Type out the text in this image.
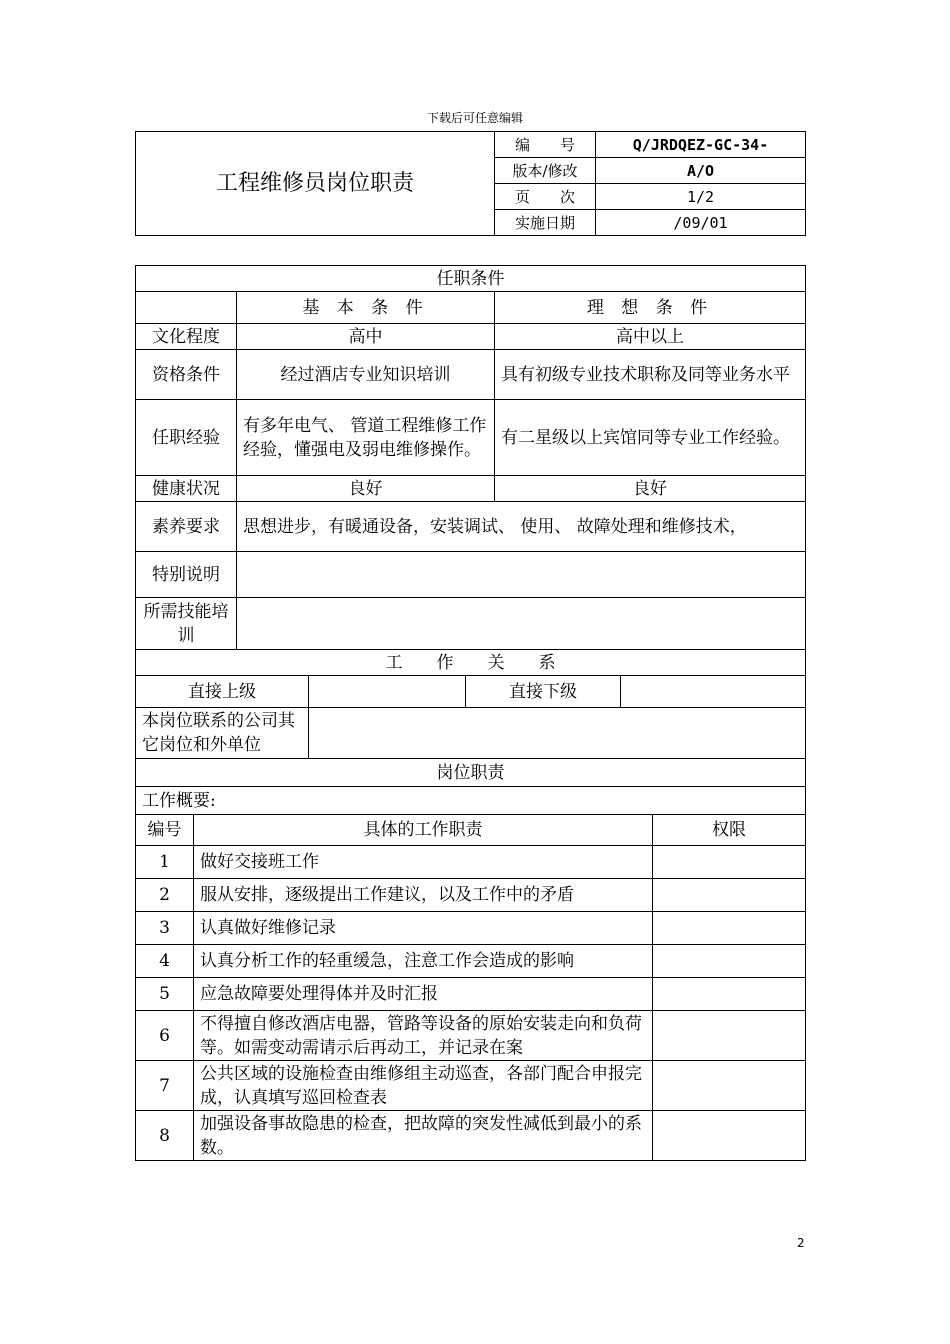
下载后可任意编辑
工程维修员岗位职责	编　　号	Q/JRDQEZ-GC-34-
	版本/修改	A/O
	页　　次	1/2
	实施日期	/09/01
任职条件		
	基 本 条 件	理 想 条 件
文化程度	高中	高中以上
资格条件	经过酒店专业知识培训	具有初级专业技术职称及同等业务水平
任职经验	有多年电气、 管道工程维修工作经验，懂强电及弱电维修操作。	有二星级以上宾馆同等专业工作经验。
健康状况	良好	良好
素养要求	思想进步，有暖通设备，安装调试、 使用、 故障处理和维修技术，	
特别说明		
所需技能培训		
工　　作　　关　　系			
直接上级		直接下级	
本岗位联系的公司其它岗位和外单位			
岗位职责		
工作概要:		
编号	具体的工作职责	权限
1	做好交接班工作	
2	服从安排，逐级提出工作建议，以及工作中的矛盾	
3	认真做好维修记录	
4	认真分析工作的轻重缓急，注意工作会造成的影响	
5	应急故障要处理得体并及时汇报	
6	不得擅自修改酒店电器，管路等设备的原始安装走向和负荷等。如需变动需请示后再动工，并记录在案	
7	公共区域的设施检查由维修组主动巡查，各部门配合申报完成，认真填写巡回检查表	
8	加强设备事故隐患的检查，把故障的突发性减低到最小的系数。	
2
